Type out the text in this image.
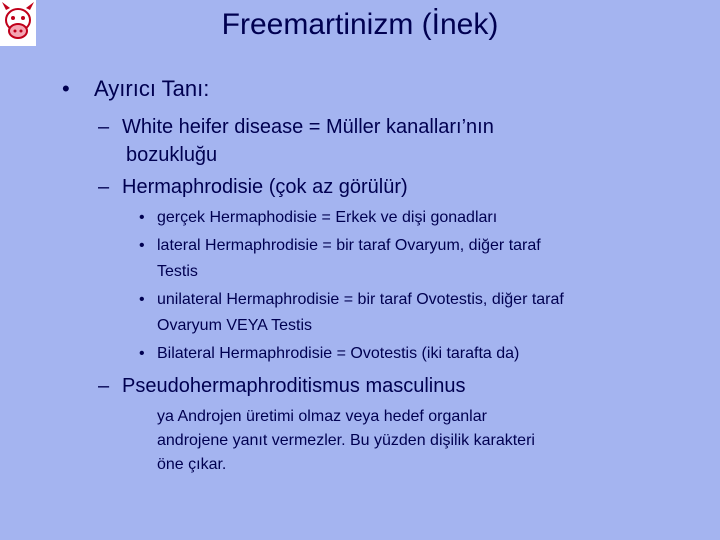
Freemartinizm (İnek)
• Ayırıcı Tanı:
– White heifer disease = Müller kanalları’nın
bozukluğu
– Hermaphrodisie (çok az görülür)
• gerçek Hermaphodisie = Erkek ve dişi gonadları
• lateral Hermaphrodisie = bir taraf Ovaryum, diğer taraf
Testis
• unilateral Hermaphrodisie = bir taraf Ovotestis, diğer taraf
Ovaryum VEYA Testis
• Bilateral Hermaphrodisie = Ovotestis (iki tarafta da)
– Pseudohermaphroditismus masculinus
ya Androjen üretimi olmaz veya hedef organlar
androjene yanıt vermezler. Bu yüzden dişilik karakteri
öne çıkar.
